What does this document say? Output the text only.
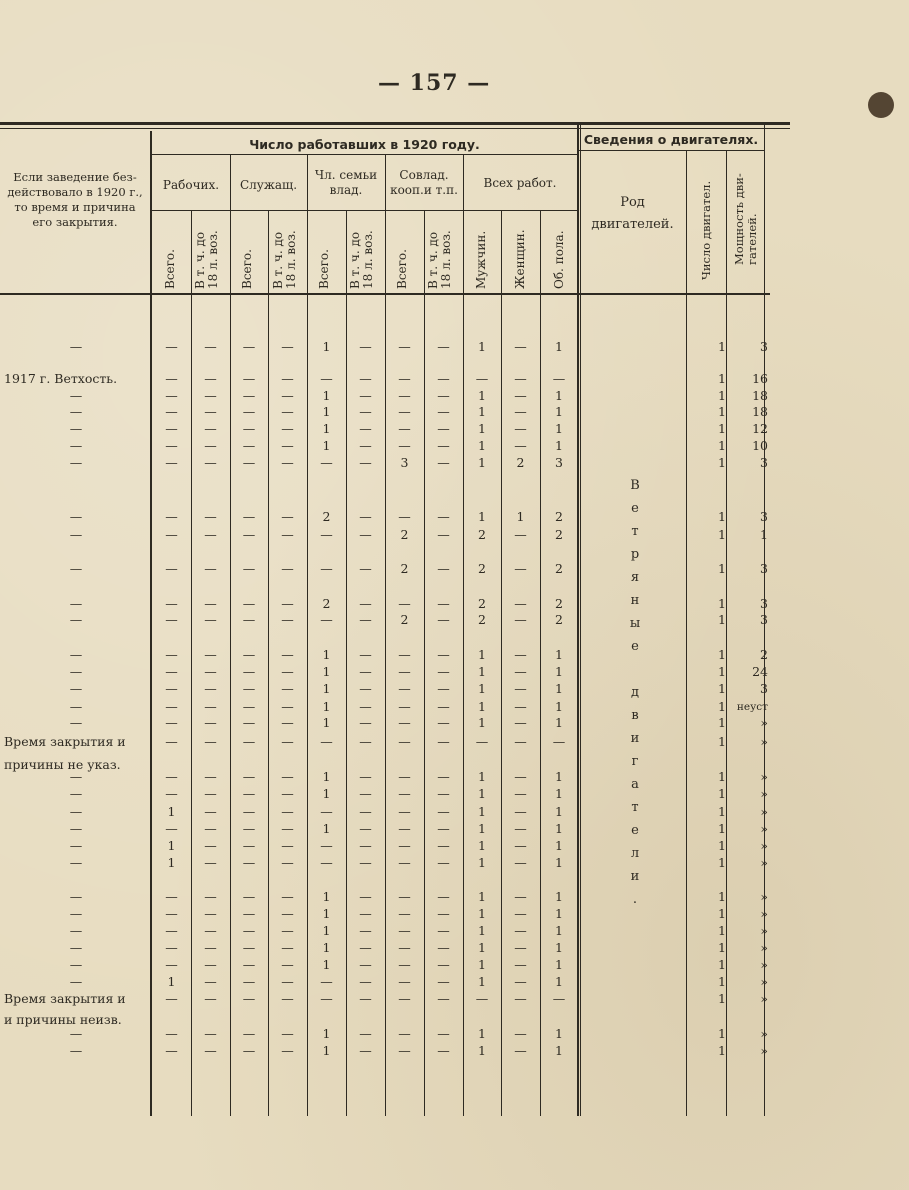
— 157 —
Если заведение без-
действовало в 1920 г.,
то время и причина
его закрытия.
Число работавших в 1920 году.	Сведения о двигателях.
Рабочих.	Служащ.
Чл. семьи
влад.
Совлад.
кооп.и т.п.	Всех работ.
Всего. В т. ч. до 18 л. воз. Всего. В т. ч. до 18 л. воз. Всего. В т. ч. до 18 л. воз. Всего. В т. ч. до 18 л. воз. Мужчин. Женщин. Об. пола.	Число двигател. Мощность дви- гателей.
Род
двигателей.
В
е
т
р
я
н
ы
е
д
в
и
г
а
т
е
л
и
.
—	—	—	—	—	1	—	—	—	1	—	1	1	3
1917 г. Ветхость.	—	—	—	—	—	—	—	—	—	—	—	1	16
—	—	—	—	—	1	—	—	—	1	—	1	1	18
—	—	—	—	—	1	—	—	—	1	—	1	1	18
—	—	—	—	—	1	—	—	—	1	—	1	1	12
—	—	—	—	—	1	—	—	—	1	—	1	1	10
—	—	—	—	—	—	—	3	—	1	2	3	1	3
—	—	—	—	—	2	—	—	—	1	1	2	1	3
—	—	—	—	—	—	—	2	—	2	—	2	1	1
—	—	—	—	—	—	—	2	—	2	—	2	1	3
—	—	—	—	—	2	—	—	—	2	—	2	1	3
—	—	—	—	—	—	—	2	—	2	—	2	1	3
—	—	—	—	—	1	—	—	—	1	—	1	1	2
—	—	—	—	—	1	—	—	—	1	—	1	1	24
—	—	—	—	—	1	—	—	—	1	—	1	1	3
—	—	—	—	—	1	—	—	—	1	—	1	1	неуст
—	—	—	—	—	1	—	—	—	1	—	1	1	»
Время закрытия и	—	—	—	—	—	—	—	—	—	—	—	1	»
причины не указ.
—	—	—	—	—	1	—	—	—	1	—	1	1	»
—	—	—	—	—	1	—	—	—	1	—	1	1	»
—	1	—	—	—	—	—	—	—	1	—	1	1	»
—	—	—	—	—	1	—	—	—	1	—	1	1	»
—	1	—	—	—	—	—	—	—	1	—	1	1	»
—	1	—	—	—	—	—	—	—	1	—	1	1	»
—	—	—	—	—	1	—	—	—	1	—	1	1	»
—	—	—	—	—	1	—	—	—	1	—	1	1	»
—	—	—	—	—	1	—	—	—	1	—	1	1	»
—	—	—	—	—	1	—	—	—	1	—	1	1	»
—	—	—	—	—	1	—	—	—	1	—	1	1	»
—	1	—	—	—	—	—	—	—	1	—	1	1	»
Время закрытия и	—	—	—	—	—	—	—	—	—	—	—	1	»
и причины неизв.
—	—	—	—	—	1	—	—	—	1	—	1	1	»
—	—	—	—	—	1	—	—	—	1	—	1	1	»
